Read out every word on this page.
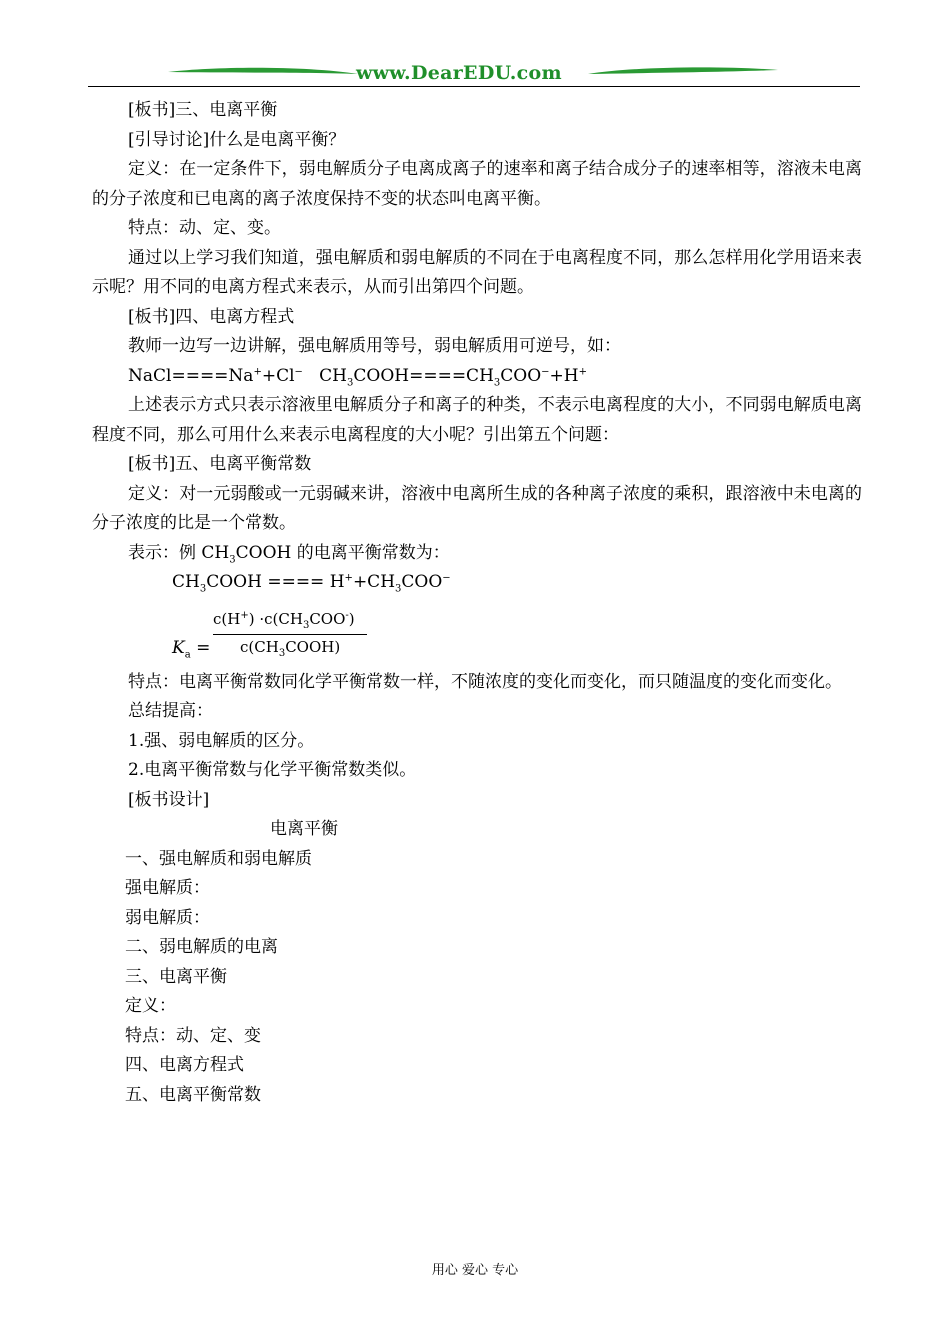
www.DearEDU.com

[板书]三、电离平衡

[引导讨论]什么是电离平衡？

定义：在一定条件下，弱电解质分子电离成离子的速率和离子结合成分子的速率相等，溶液未电离的分子浓度和已电离的离子浓度保持不变的状态叫电离平衡。

特点：动、定、变。

通过以上学习我们知道，强电解质和弱电解质的不同在于电离程度不同，那么怎样用化学用语来表示呢？用不同的电离方程式来表示，从而引出第四个问题。

[板书]四、电离方程式

教师一边写一边讲解，强电解质用等号，弱电解质用可逆号，如：

NaCl====Na++Cl− $CH_3COOH====CH_3COO^-+H^+$

上述表示方式只表示溶液里电解质分子和离子的种类，不表示电离程度的大小，不同弱电解质电离程度不同，那么可用什么来表示电离程度的大小呢？引出第五个问题：

[板书]五、电离平衡常数

定义：对一元弱酸或一元弱碱来讲，溶液中电离所生成的各种离子浓度的乘积，跟溶液中未电离的分子浓度的比是一个常数。

表示：例 $CH_3COOH$ 的电离平衡常数为：

$CH_3COOH$ ==== $H^++CH_3COO^-$

$K_a$ =
$c(H^+) \cdot c(CH_3COO^-)$
$c(CH_3COOH)$

特点：电离平衡常数同化学平衡常数一样，不随浓度的变化而变化，而只随温度的变化而变化。

总结提高：

1.强、弱电解质的区分。

2.电离平衡常数与化学平衡常数类似。

[板书设计]

电离平衡

一、强电解质和弱电解质

强电解质：

弱电解质：

二、弱电解质的电离

三、电离平衡

定义：

特点：动、定、变

四、电离方程式

五、电离平衡常数

用心 爱心 专心
